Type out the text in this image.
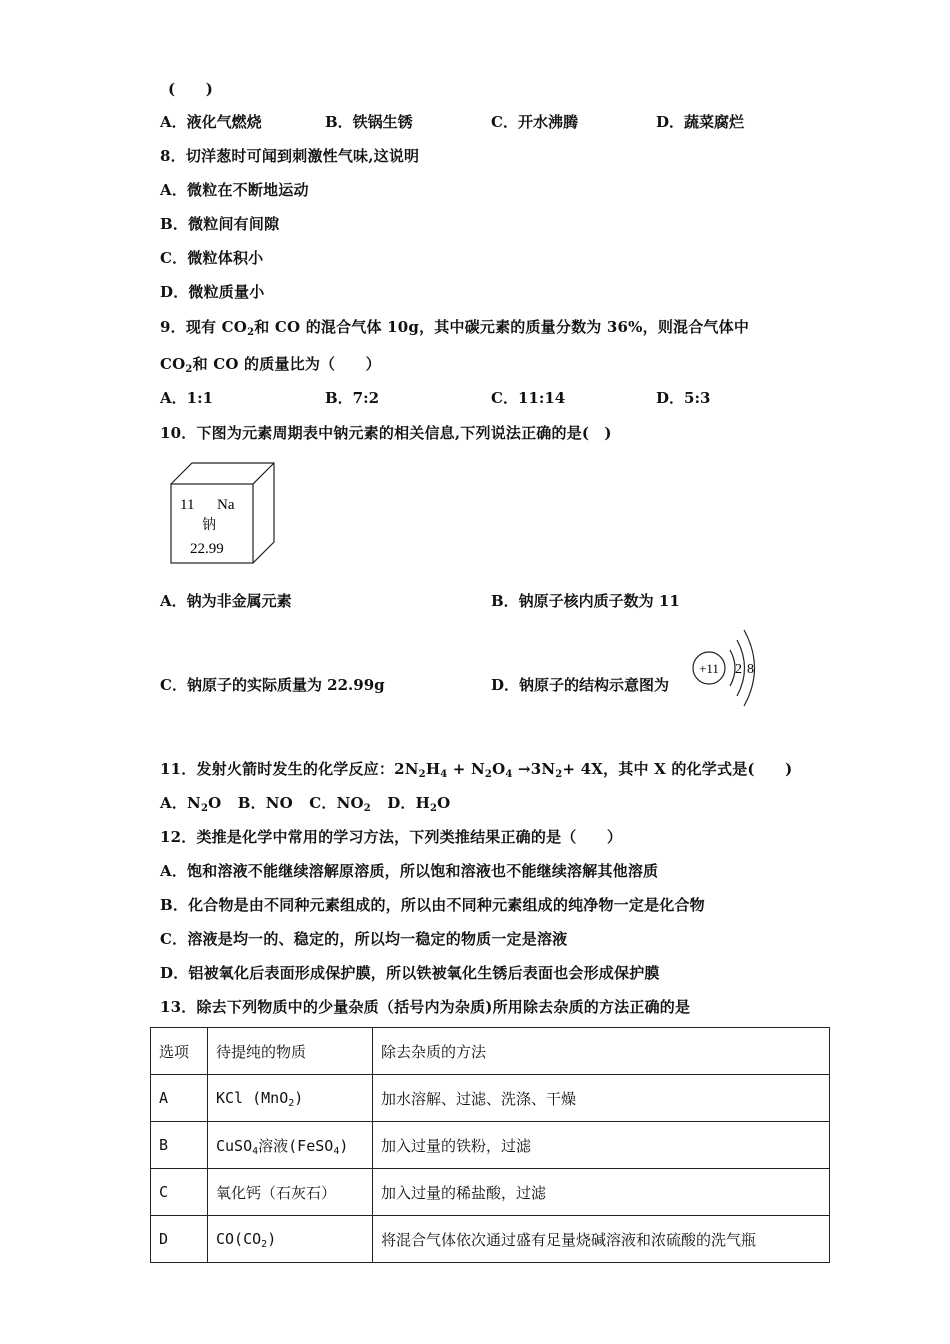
(　　)
A．液化气燃烧	B．铁锅生锈	C．开水沸腾	D．蔬菜腐烂
8．切洋葱时可闻到刺激性气味,这说明
A．微粒在不断地运动
B．微粒间有间隙
C．微粒体积小
D．微粒质量小
9．现有 $CO_2$和 CO 的混合气体 10g，其中碳元素的质量分数为 36%，则混合气体中
$CO_2$和 CO 的质量比为（　　）
A．1:1	B．7:2	C．11:14	D．5:3
10．下图为元素周期表中钠元素的相关信息,下列说法正确的是(　)
11 Na
钠
22.99
A．钠为非金属元素	B．钠原子核内质子数为 11
C．钠原子的实际质量为 22.99g	D．钠原子的结构示意图为
+11 2 8
11．发射火箭时发生的化学反应：$2N_2H_4 + N_2O_4 \to 3N_2+ 4X$，其中 X 的化学式是(　　)
A．$N_2O$ B．NO C．$NO_2$ D．$H_2O$
12．类推是化学中常用的学习方法，下列类推结果正确的是（　　）
A．饱和溶液不能继续溶解原溶质，所以饱和溶液也不能继续溶解其他溶质
B．化合物是由不同种元素组成的，所以由不同种元素组成的纯净物一定是化合物
C．溶液是均一的、稳定的，所以均一稳定的物质一定是溶液
D．铝被氧化后表面形成保护膜，所以铁被氧化生锈后表面也会形成保护膜
13．除去下列物质中的少量杂质（括号内为杂质)所用除去杂质的方法正确的是
选项	待提纯的物质	除去杂质的方法
A	KCl (MnO$_2$)	加水溶解、过滤、洗涤、干燥
B	CuSO$_4$溶液(FeSO$_4$)	加入过量的铁粉，过滤
C	氧化钙（石灰石）	加入过量的稀盐酸，过滤
D	$CO(CO_2)$	将混合气体依次通过盛有足量烧碱溶液和浓硫酸的洗气瓶
